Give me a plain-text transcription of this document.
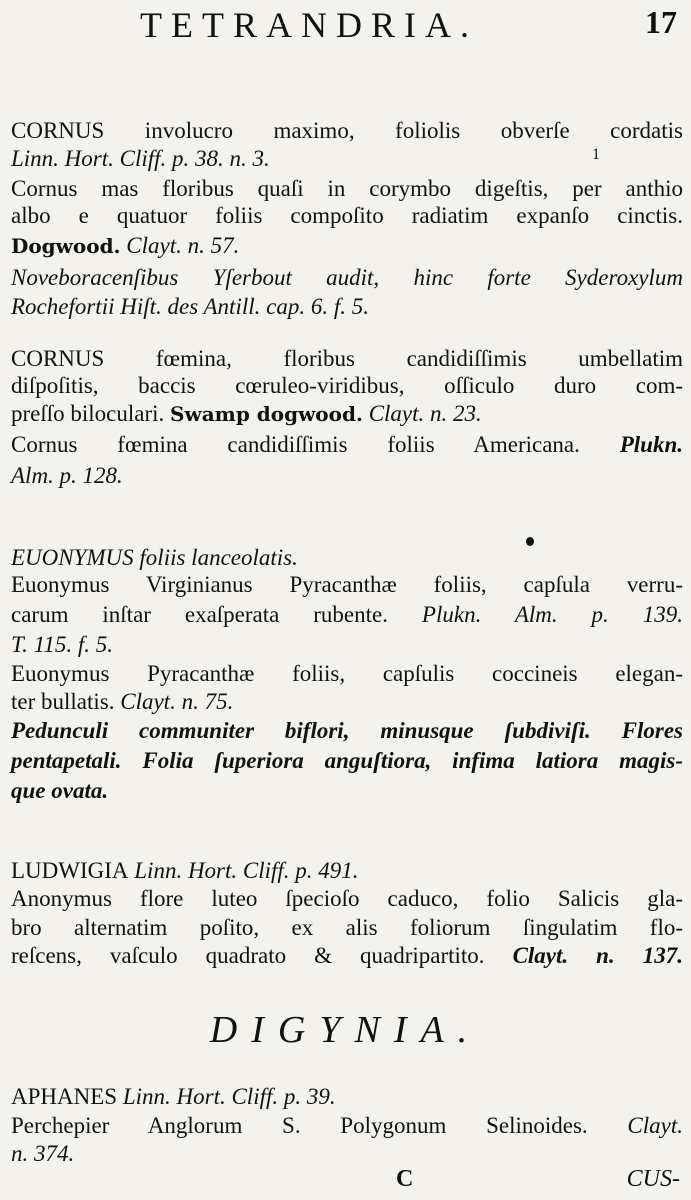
TETRANDRIA.	17
CORNUS involucro maximo, foliolis obverſe cordatis
Linn. Hort. Cliff. p. 38. n. 3.	1
Cornus mas floribus quaſi in corymbo digeſtis, per anthio
albo e quatuor foliis compoſito radiatim expanſo cinctis.
Dogwood. Clayt. n. 57.
Noveboracenſibus Yſerbout audit, hinc forte Syderoxylum
Rochefortii Hiſt. des Antill. cap. 6. f. 5.
CORNUS fœmina, floribus candidiſſimis umbellatim
diſpoſitis, baccis cœruleo-viridibus, oſſiculo duro com-
preſſo biloculari. Swamp dogwood. Clayt. n. 23.
Cornus fœmina candidiſſimis foliis Americana. Plukn.
Alm. p. 128.
EUONYMUS foliis lanceolatis.
Euonymus Virginianus Pyracanthæ foliis, capſula verru-
carum inſtar exaſperata rubente. Plukn. Alm. p. 139.
T. 115. f. 5.
Euonymus Pyracanthæ foliis, capſulis coccineis elegan-
ter bullatis. Clayt. n. 75.
Pedunculi communiter biflori, minusque ſubdiviſi. Flores
pentapetali. Folia ſuperiora anguſtiora, infima latiora magis-
que ovata.
LUDWIGIA Linn. Hort. Cliff. p. 491.
Anonymus flore luteo ſpecioſo caduco, folio Salicis gla-
bro alternatim poſito, ex alis foliorum ſingulatim flo-
reſcens, vaſculo quadrato & quadripartito. Clayt. n. 137.
DIGYNIA.
APHANES Linn. Hort. Cliff. p. 39.
Perchepier Anglorum S. Polygonum Selinoides. Clayt.
n. 374.
C	CUS-
